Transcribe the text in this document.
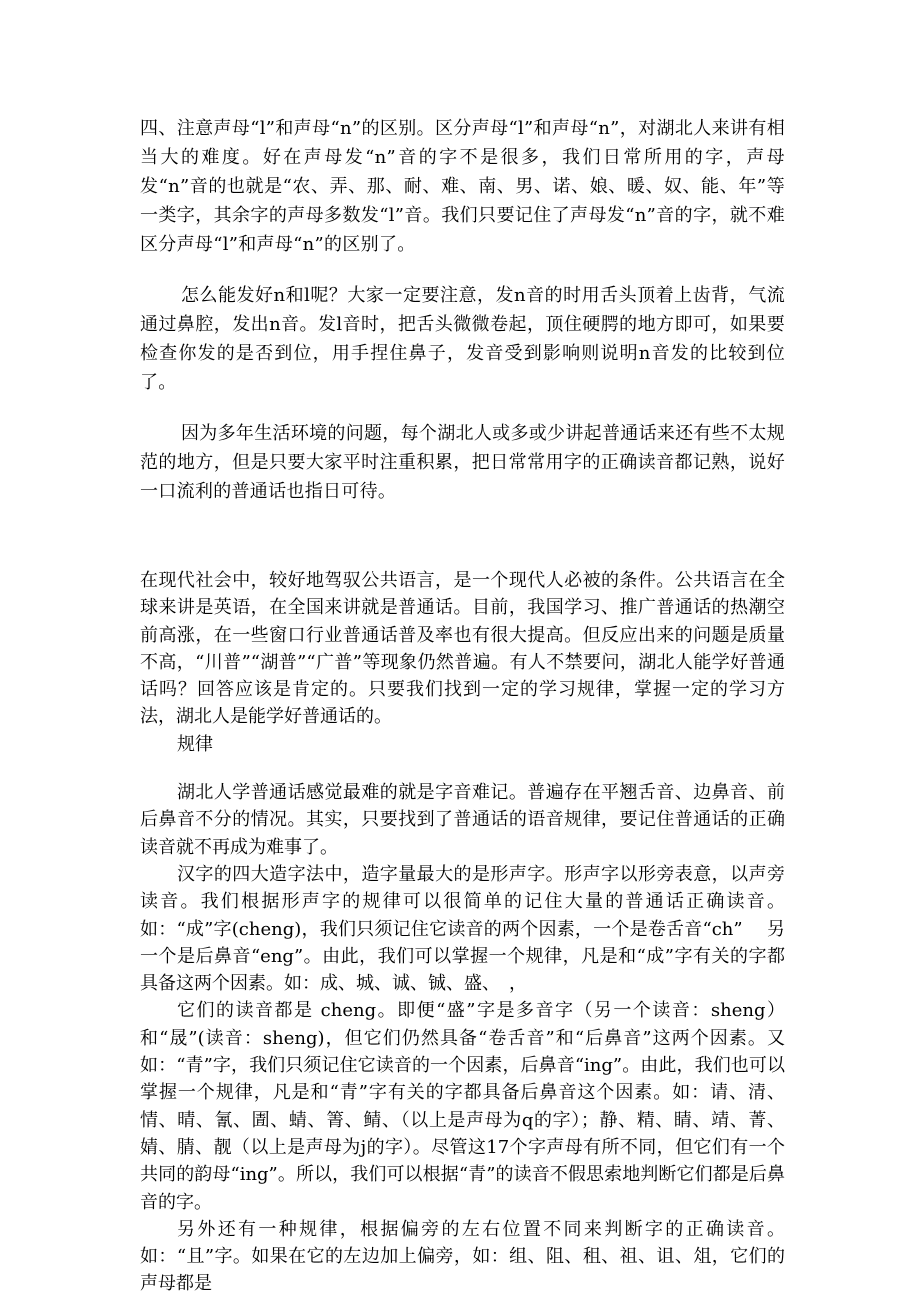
四、注意声母“l”和声母“n”的区别。区分声母“l”和声母“n”，对湖北人来讲有相当大的难度。好在声母发“n”音的字不是很多，我们日常所用的字，声母发“n”音的也就是“农、弄、那、耐、难、南、男、诺、娘、暖、奴、能、年”等一类字，其余字的声母多数发“l”音。我们只要记住了声母发“n”音的字，就不难区分声母“l”和声母“n”的区别了。

怎么能发好n和l呢？大家一定要注意，发n音的时用舌头顶着上齿背，气流通过鼻腔，发出n音。发l音时，把舌头微微卷起，顶住硬腭的地方即可，如果要检查你发的是否到位，用手捏住鼻子，发音受到影响则说明n音发的比较到位了。

因为多年生活环境的问题，每个湖北人或多或少讲起普通话来还有些不太规范的地方，但是只要大家平时注重积累，把日常常用字的正确读音都记熟，说好一口流利的普通话也指日可待。

在现代社会中，较好地驾驭公共语言，是一个现代人必被的条件。公共语言在全球来讲是英语，在全国来讲就是普通话。目前，我国学习、推广普通话的热潮空前高涨，在一些窗口行业普通话普及率也有很大提高。但反应出来的问题是质量不高，“川普”“湖普”“广普”等现象仍然普遍。有人不禁要问，湖北人能学好普通话吗？回答应该是肯定的。只要我们找到一定的学习规律，掌握一定的学习方法，湖北人是能学好普通话的。

规律

湖北人学普通话感觉最难的就是字音难记。普遍存在平翘舌音、边鼻音、前后鼻音不分的情况。其实，只要找到了普通话的语音规律，要记住普通话的正确读音就不再成为难事了。

汉字的四大造字法中，造字量最大的是形声字。形声字以形旁表意，以声旁读音。我们根据形声字的规律可以很简单的记住大量的普通话正确读音。如：“成”字(cheng)，我们只须记住它读音的两个因素，一个是卷舌音“ch”　 另一个是后鼻音“eng”。由此，我们可以掌握一个规律，凡是和“成”字有关的字都具备这两个因素。如：成、城、诚、铖、盛、　，

它们的读音都是 cheng。即便“盛”字是多音字（另一个读音：sheng）和“晟”(读音：sheng)，但它们仍然具备“卷舌音”和“后鼻音”这两个因素。又如：“青”字，我们只须记住它读音的一个因素，后鼻音“ing”。由此，我们也可以掌握一个规律，凡是和“青”字有关的字都具备后鼻音这个因素。如：请、清、情、晴、氰、圊、蜻、箐、鲭、（以上是声母为q的字）；静、精、睛、靖、菁、婧、腈、靓（以上是声母为j的字）。尽管这17个字声母有所不同，但它们有一个共同的韵母“ing”。所以，我们可以根据“青”的读音不假思索地判断它们都是后鼻音的字。

另外还有一种规律，根据偏旁的左右位置不同来判断字的正确读音。如：“且”字。如果在它的左边加上偏旁，如：组、阻、租、祖、诅、俎，它们的声母都是
